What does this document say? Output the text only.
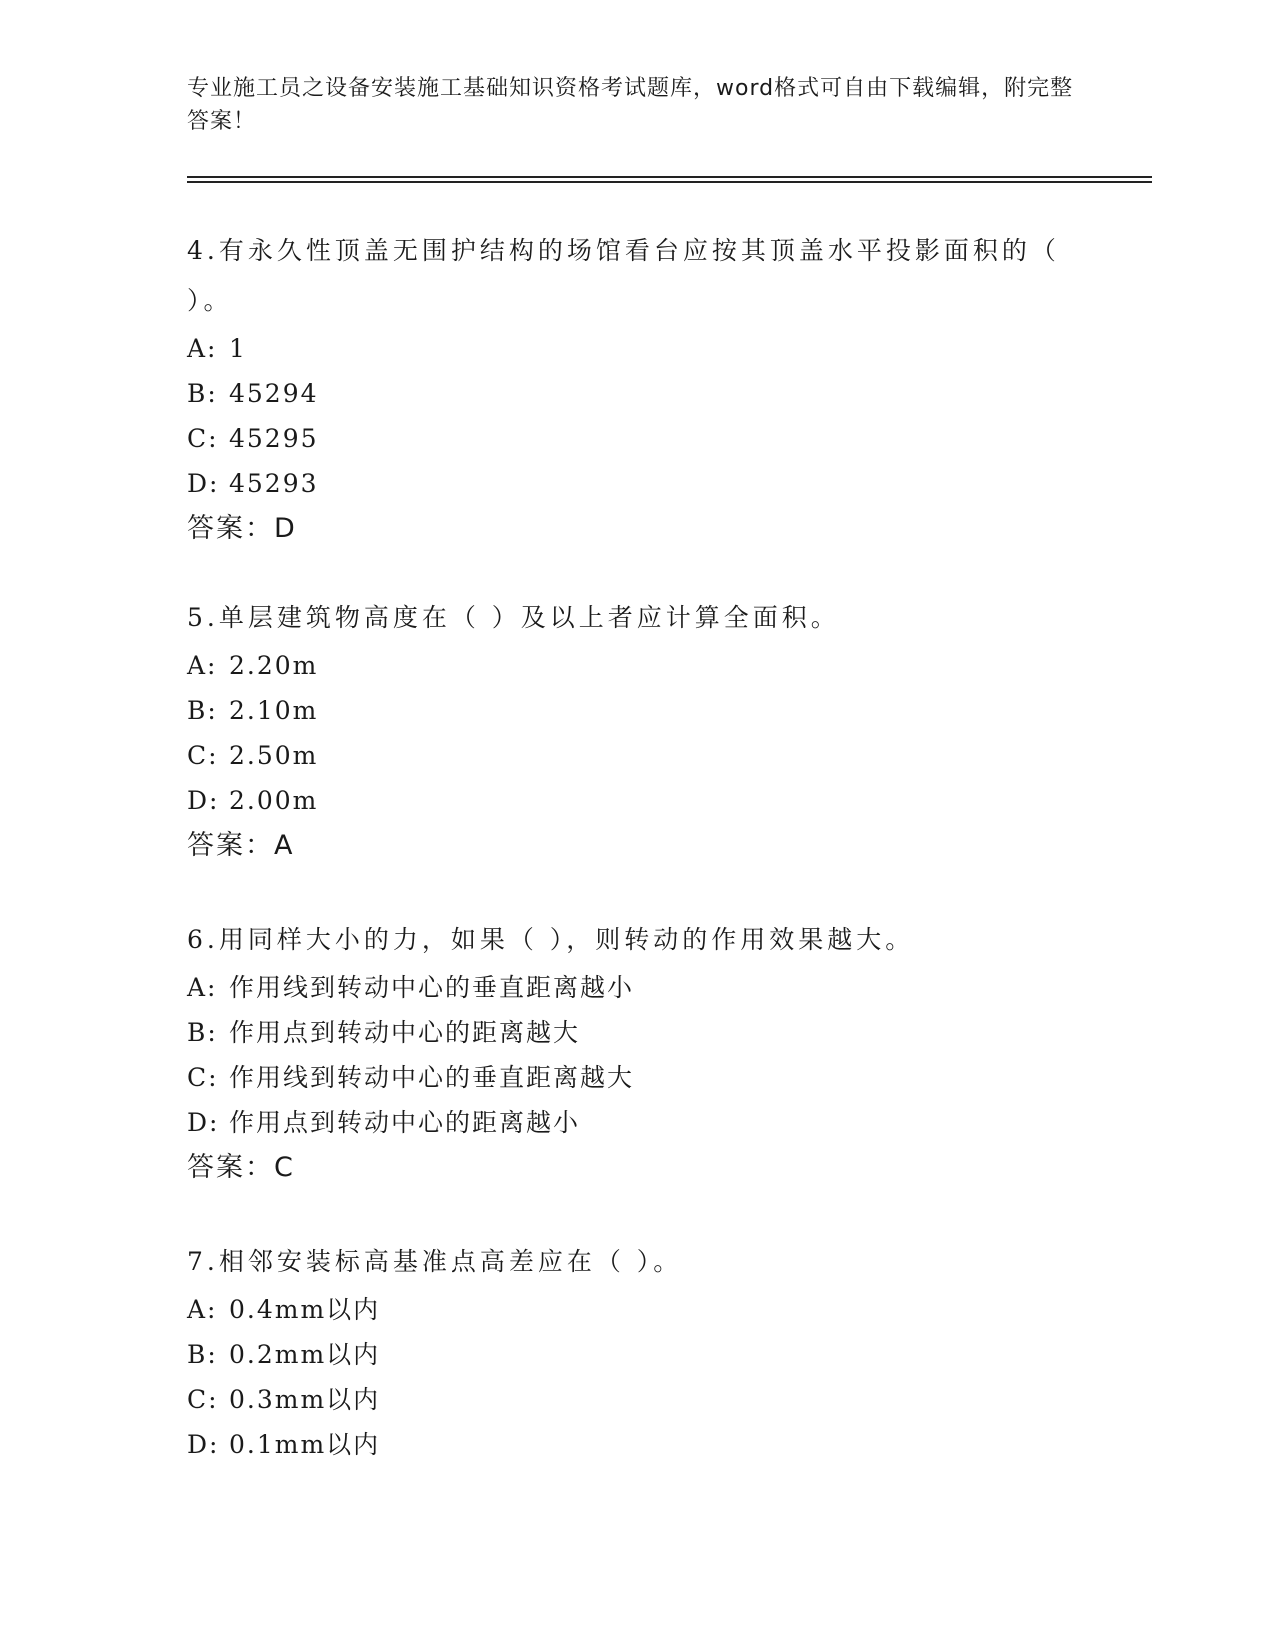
专业施工员之设备安装施工基础知识资格考试题库，word格式可自由下载编辑，附完整答案！
4.有永久性顶盖无围护结构的场馆看台应按其顶盖水平投影面积的（ ）。
A: 1
B: 45294
C: 45295
D: 45293
答案：D
5.单层建筑物高度在（ ）及以上者应计算全面积。
A: 2.20m
B: 2.10m
C: 2.50m
D: 2.00m
答案：A
6.用同样大小的力，如果（ ），则转动的作用效果越大。
A: 作用线到转动中心的垂直距离越小
B: 作用点到转动中心的距离越大
C: 作用线到转动中心的垂直距离越大
D: 作用点到转动中心的距离越小
答案：C
7.相邻安装标高基准点高差应在（ ）。
A: 0.4mm以内
B: 0.2mm以内
C: 0.3mm以内
D: 0.1mm以内
